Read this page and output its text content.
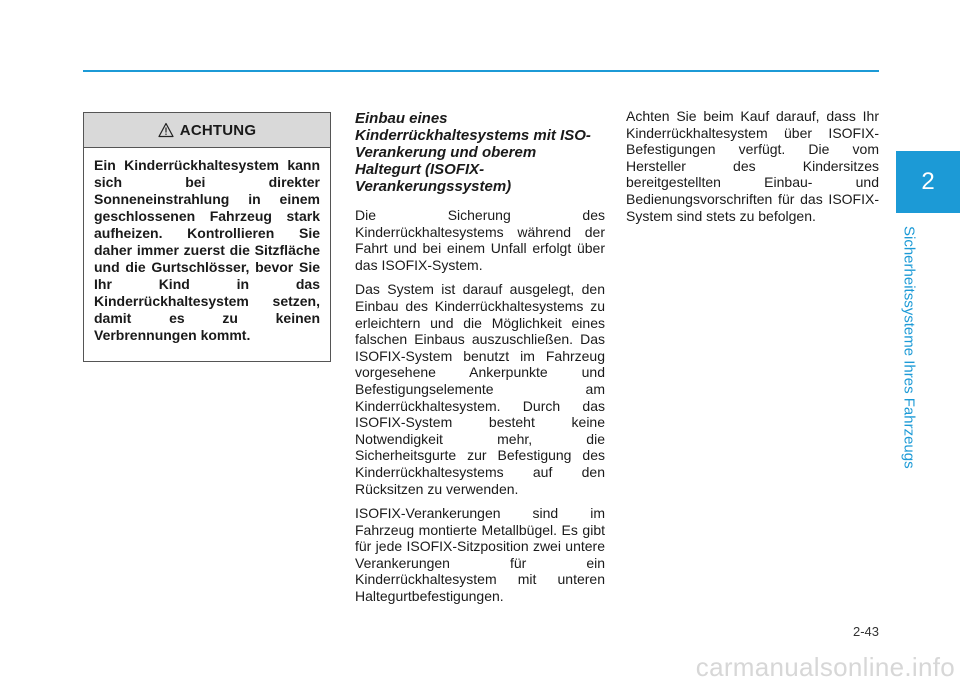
2
Sicherheitssysteme Ihres Fahrzeugs
ACHTUNG

Ein Kinderrückhaltesystem kann sich bei direkter Sonneneinstrahlung in einem geschlossenen Fahrzeug stark aufheizen. Kontrollieren Sie daher immer zuerst die Sitzfläche und die Gurtschlösser, bevor Sie Ihr Kind in das Kinderrückhaltesystem setzen, damit es zu keinen Verbrennungen kommt.

Einbau eines Kinderrückhaltesystems mit ISO-Verankerung und oberem Haltegurt (ISOFIX-Verankerungssystem)

Die Sicherung des Kinderrückhaltesystems während der Fahrt und bei einem Unfall erfolgt über das ISOFIX-System.

Das System ist darauf ausgelegt, den Einbau des Kinderrückhaltesystems zu erleichtern und die Möglichkeit eines falschen Einbaus auszuschließen. Das ISOFIX-System benutzt im Fahrzeug vorgesehene Ankerpunkte und Befestigungselemente am Kinderrückhaltesystem. Durch das ISOFIX-System besteht keine Notwendigkeit mehr, die Sicherheitsgurte zur Befestigung des Kinderrückhaltesystems auf den Rücksitzen zu verwenden.

ISOFIX-Verankerungen sind im Fahrzeug montierte Metallbügel. Es gibt für jede ISOFIX-Sitzposition zwei untere Verankerungen für ein Kinderrückhaltesystem mit unteren Haltegurtbefestigungen.

Achten Sie beim Kauf darauf, dass Ihr Kinderrückhaltesystem über ISOFIX-Befestigungen verfügt. Die vom Hersteller des Kindersitzes bereitgestellten Einbau- und Bedienungsvorschriften für das ISOFIX-System sind stets zu befolgen.

2-43
carmanualsonline.info
